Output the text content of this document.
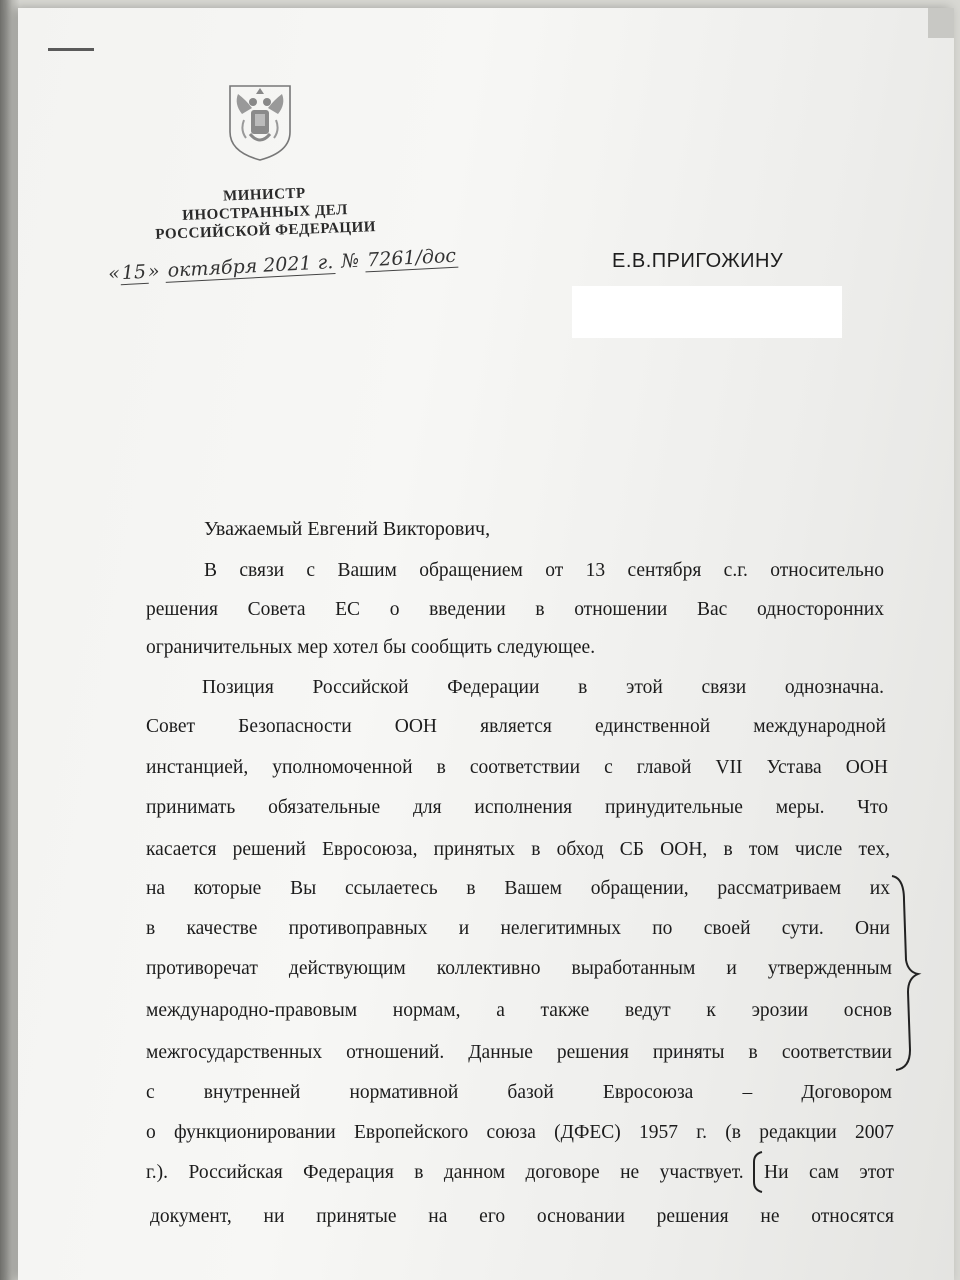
МИНИСТР
ИНОСТРАННЫХ ДЕЛ
РОССИЙСКОЙ ФЕДЕРАЦИИ
«15» октября 2021 г. № 7261/дос	Е.В.ПРИГОЖИНУ
Уважаемый Евгений Викторович,
В связи с Вашим обращением от 13 сентября с.г. относительно
решения Совета ЕС о введении в отношении Вас односторонних
ограничительных мер хотел бы сообщить следующее.
Позиция Российской Федерации в этой связи однозначна.
Совет Безопасности ООН является единственной международной
инстанцией, уполномоченной в соответствии с главой VII Устава ООН
принимать обязательные для исполнения принудительные меры. Что
касается решений Евросоюза, принятых в обход СБ ООН, в том числе тех,
на которые Вы ссылаетесь в Вашем обращении, рассматриваем их
в качестве противоправных и нелегитимных по своей сути. Они
противоречат действующим коллективно выработанным и утвержденным
международно-правовым нормам, а также ведут к эрозии основ
межгосударственных отношений. Данные решения приняты в соответствии
с внутренней нормативной базой Евросоюза – Договором
о функционировании Европейского союза (ДФЕС) 1957 г. (в редакции 2007
г.). Российская Федерация в данном договоре не участвует. Ни сам этот
документ, ни принятые на его основании решения не относятся
